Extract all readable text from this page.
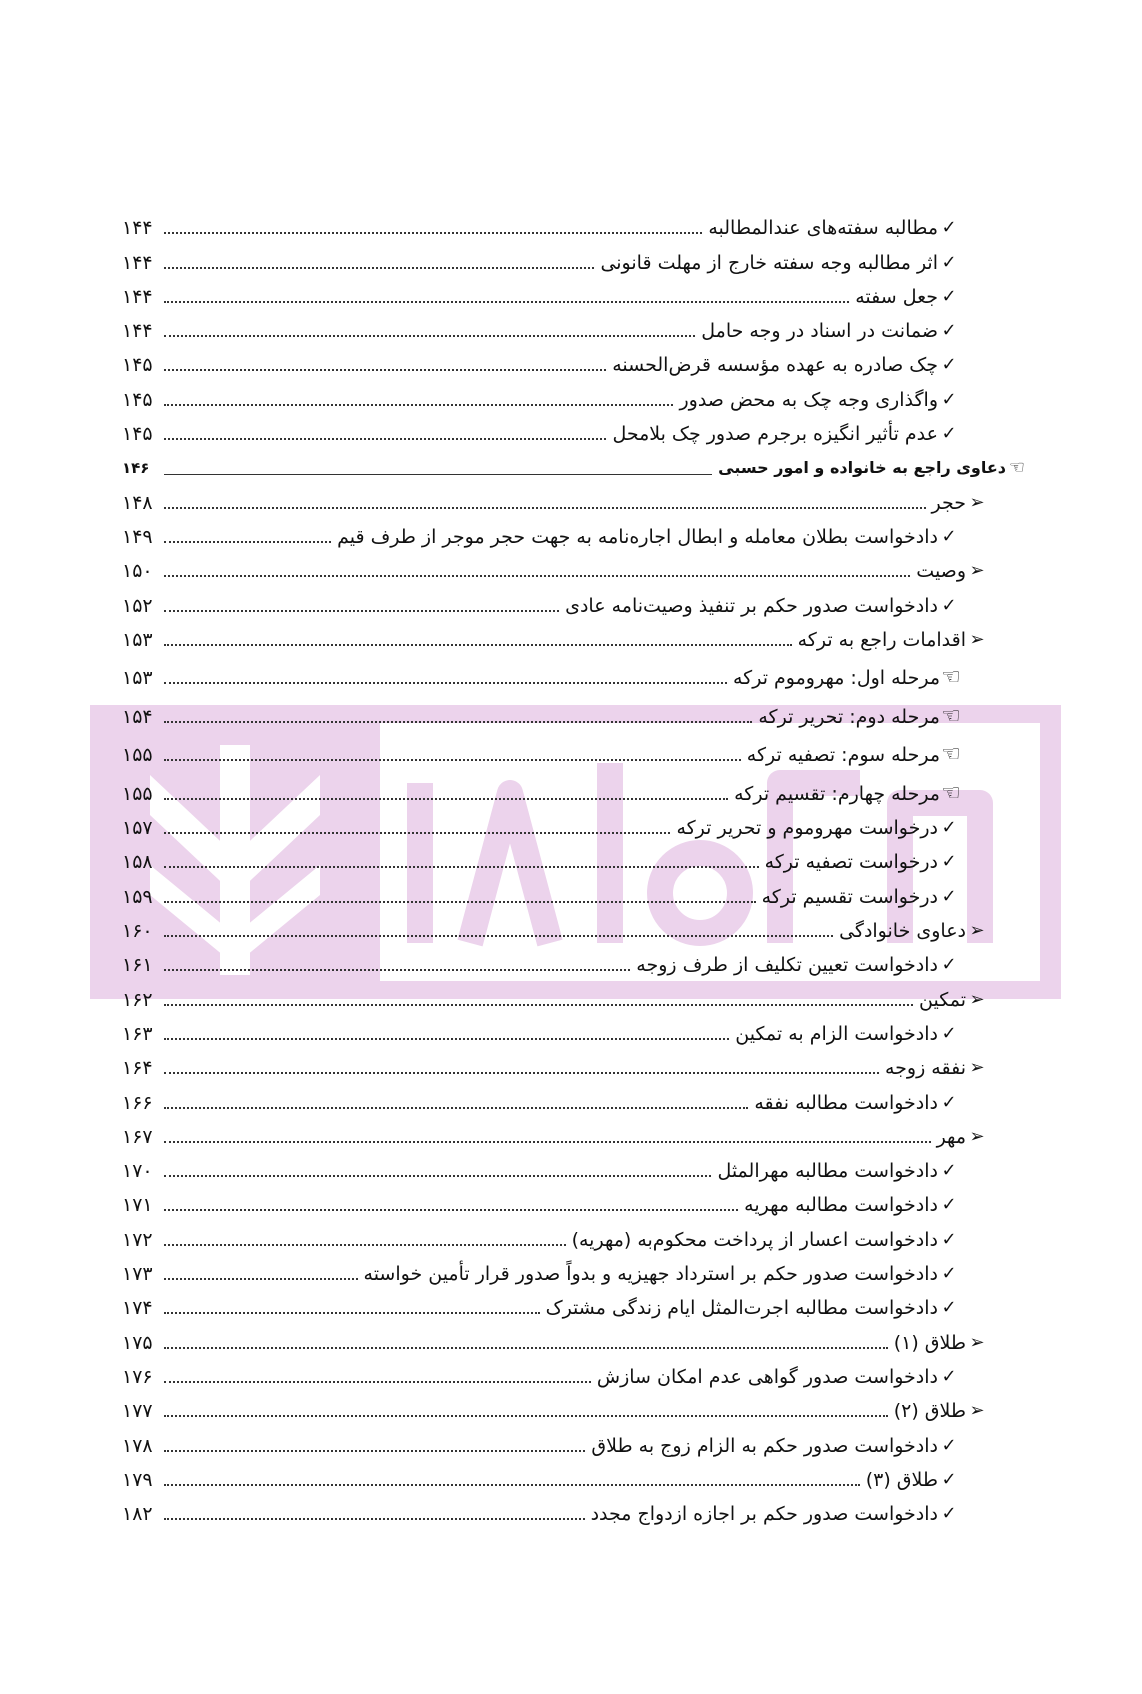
✓
مطالبه سفته‌های عندالمطالبه
۱۴۴
✓
اثر مطالبه وجه سفته خارج از مهلت قانونی
۱۴۴
✓
جعل سفته
۱۴۴
✓
ضمانت در اسناد در وجه حامل
۱۴۴
✓
چک صادره به عهده مؤسسه قرض‌الحسنه
۱۴۵
✓
واگذاری وجه چک به محض صدور
۱۴۵
✓
عدم تأثیر انگیزه برجرم صدور چک بلامحل
۱۴۵
☜
دعاوی راجع به خانواده و امور حسبی
۱۴۶
➢
حجر
۱۴۸
✓
دادخواست بطلان معامله و ابطال اجاره‌نامه به جهت حجر موجر از طرف قیم
۱۴۹
➢
وصیت
۱۵۰
✓
دادخواست صدور حکم بر تنفیذ وصیت‌نامه عادی
۱۵۲
➢
اقدامات راجع به ترکه
۱۵۳
☜
مرحله اول: مهروموم ترکه
۱۵۳
☜
مرحله دوم: تحریر ترکه
۱۵۴
☜
مرحله سوم: تصفیه ترکه
۱۵۵
☜
مرحله چهارم: تقسیم ترکه
۱۵۵
✓
درخواست مهروموم و تحریر ترکه
۱۵۷
✓
درخواست تصفیه ترکه
۱۵۸
✓
درخواست تقسیم ترکه
۱۵۹
➢
دعاوی خانوادگی
۱۶۰
✓
دادخواست تعیین تکلیف از طرف زوجه
۱۶۱
➢
تمکین
۱۶۲
✓
دادخواست الزام به تمکین
۱۶۳
➢
نفقه زوجه
۱۶۴
✓
دادخواست مطالبه نفقه
۱۶۶
➢
مهر
۱۶۷
✓
دادخواست مطالبه مهرالمثل
۱۷۰
✓
دادخواست مطالبه مهریه
۱۷۱
✓
دادخواست اعسار از پرداخت محکوم‌به (مهریه)
۱۷۲
✓
دادخواست صدور حکم بر استرداد جهیزیه و بدواً صدور قرار تأمین خواسته
۱۷۳
✓
دادخواست مطالبه اجرت‌المثل ایام زندگی مشترک
۱۷۴
➢
طلاق (۱)
۱۷۵
✓
دادخواست صدور گواهی عدم امکان سازش
۱۷۶
➢
طلاق (۲)
۱۷۷
✓
دادخواست صدور حکم به الزام زوج به طلاق
۱۷۸
✓
طلاق (۳)
۱۷۹
✓
دادخواست صدور حکم بر اجازه ازدواج مجدد
۱۸۲
